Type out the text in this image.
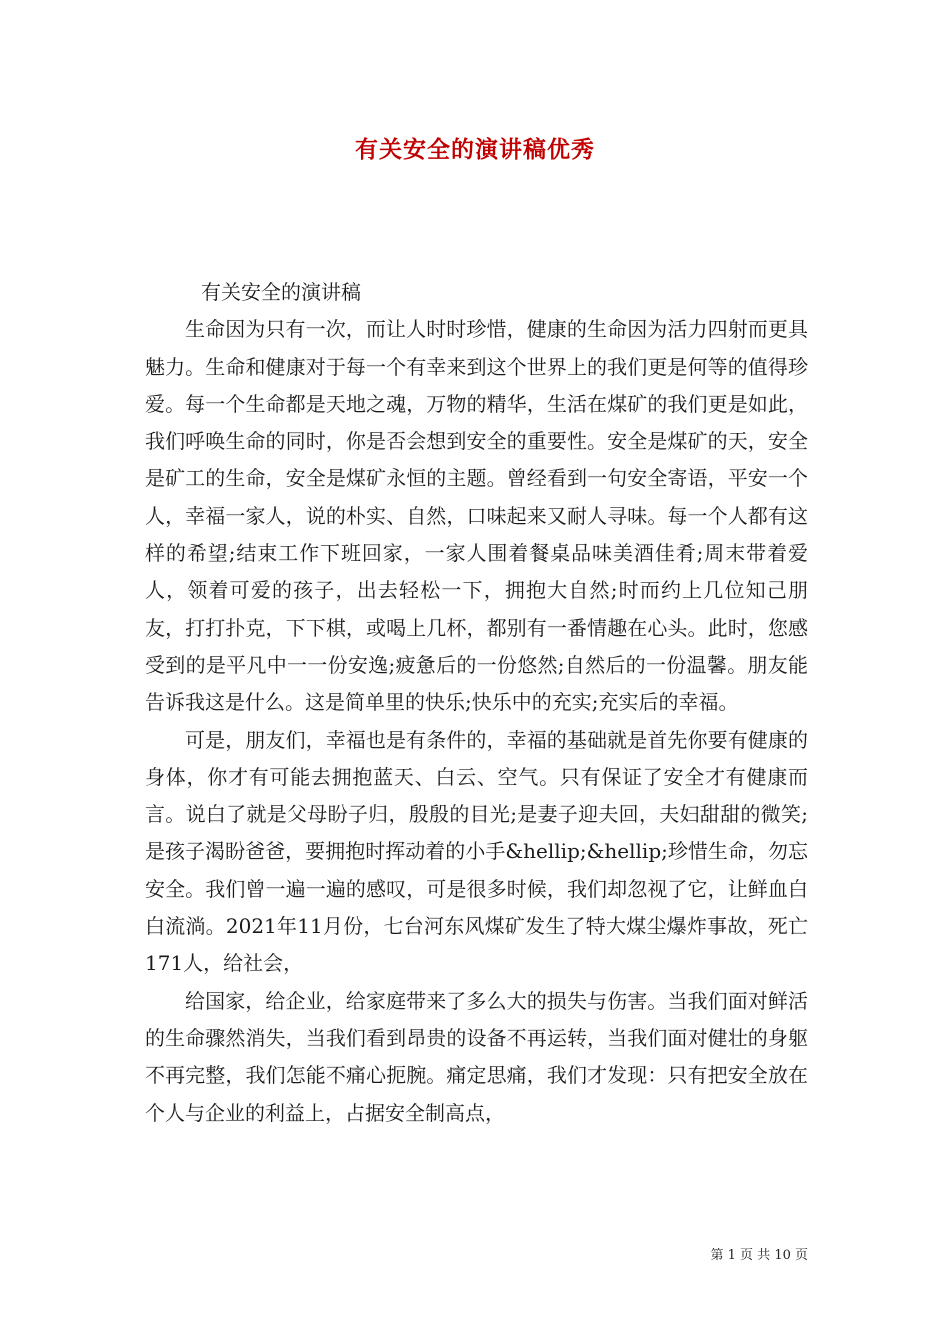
有关安全的演讲稿优秀

有关安全的演讲稿

生命因为只有一次，而让人时时珍惜，健康的生命因为活力四射而更具魅力。生命和健康对于每一个有幸来到这个世界上的我们更是何等的值得珍爱。每一个生命都是天地之魂，万物的精华，生活在煤矿的我们更是如此，我们呼唤生命的同时，你是否会想到安全的重要性。安全是煤矿的天，安全是矿工的生命，安全是煤矿永恒的主题。曾经看到一句安全寄语，平安一个人，幸福一家人，说的朴实、自然，口味起来又耐人寻味。每一个人都有这样的希望;结束工作下班回家，一家人围着餐桌品味美酒佳肴;周末带着爱人，领着可爱的孩子，出去轻松一下，拥抱大自然;时而约上几位知己朋友，打打扑克，下下棋，或喝上几杯，都别有一番情趣在心头。此时，您感受到的是平凡中一一份安逸;疲惫后的一份悠然;自然后的一份温馨。朋友能告诉我这是什么。这是简单里的快乐;快乐中的充实;充实后的幸福。

可是，朋友们，幸福也是有条件的，幸福的基础就是首先你要有健康的身体，你才有可能去拥抱蓝天、白云、空气。只有保证了安全才有健康而言。说白了就是父母盼子归，殷殷的目光;是妻子迎夫回，夫妇甜甜的微笑;是孩子渴盼爸爸，要拥抱时挥动着的小手&hellip;&hellip;珍惜生命，勿忘安全。我们曾一遍一遍的感叹，可是很多时候，我们却忽视了它，让鲜血白白流淌。2021年11月份，七台河东风煤矿发生了特大煤尘爆炸事故，死亡171人，给社会，

给国家，给企业，给家庭带来了多么大的损失与伤害。当我们面对鲜活的生命骤然消失，当我们看到昂贵的设备不再运转，当我们面对健壮的身躯不再完整，我们怎能不痛心扼腕。痛定思痛，我们才发现：只有把安全放在个人与企业的利益上，占据安全制高点，

第 1 页 共 10 页
